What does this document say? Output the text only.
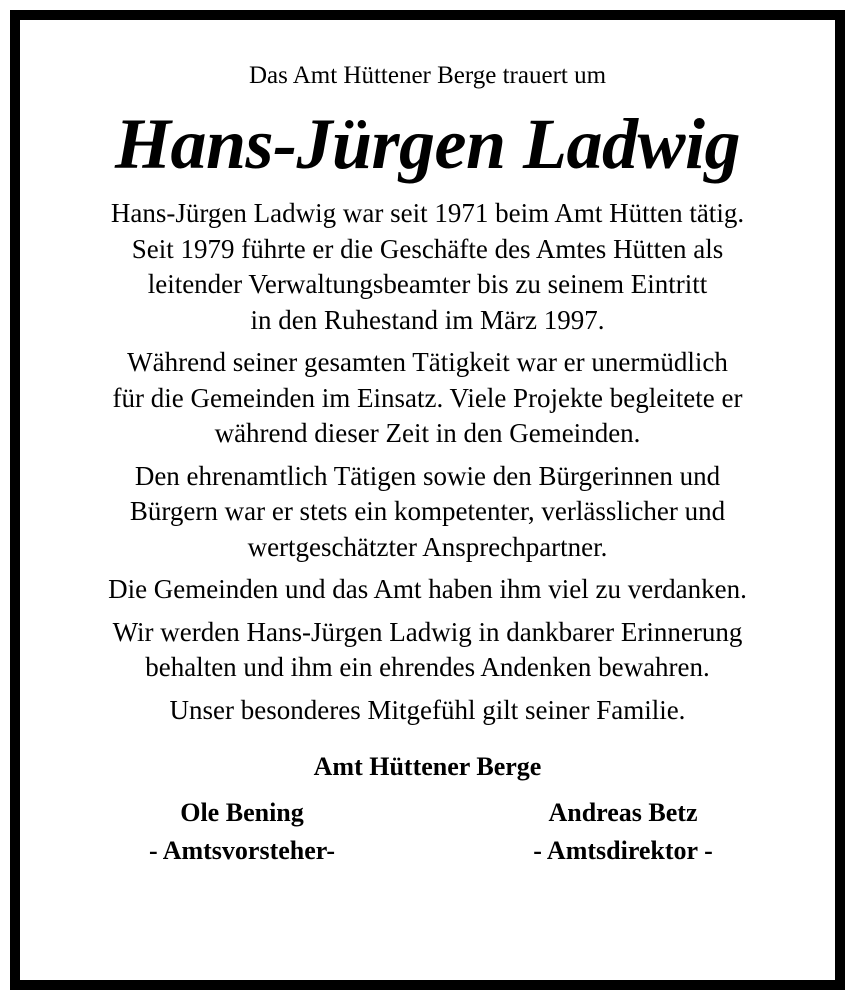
Das Amt Hüttener Berge trauert um
Hans-Jürgen Ladwig

Hans-Jürgen Ladwig war seit 1971 beim Amt Hütten tätig.
Seit 1979 führte er die Geschäfte des Amtes Hütten als
leitender Verwaltungsbeamter bis zu seinem Eintritt
in den Ruhestand im März 1997.

Während seiner gesamten Tätigkeit war er unermüdlich
für die Gemeinden im Einsatz. Viele Projekte begleitete er
während dieser Zeit in den Gemeinden.

Den ehrenamtlich Tätigen sowie den Bürgerinnen und
Bürgern war er stets ein kompetenter, verlässlicher und
wertgeschätzter Ansprechpartner.

Die Gemeinden und das Amt haben ihm viel zu verdanken.

Wir werden Hans-Jürgen Ladwig in dankbarer Erinnerung
behalten und ihm ein ehrendes Andenken bewahren.

Unser besonderes Mitgefühl gilt seiner Familie.

Amt Hüttener Berge
Ole Bening
- Amtsvorsteher-
Andreas Betz
- Amtsdirektor -
